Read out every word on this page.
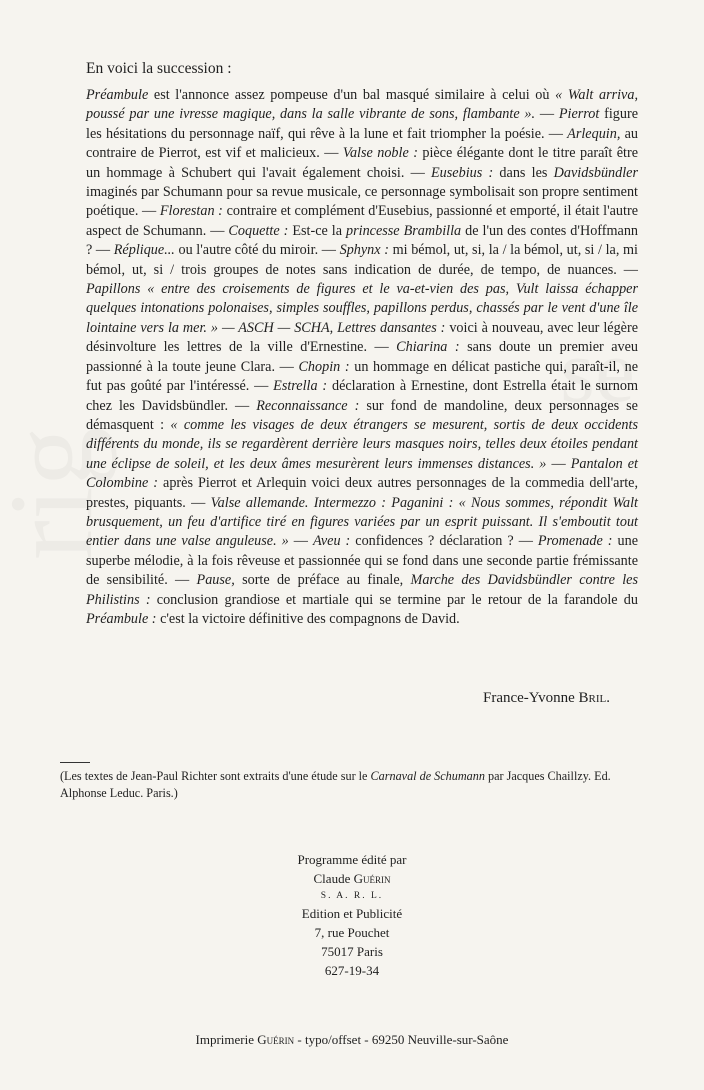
En voici la succession :

Préambule est l'annonce assez pompeuse d'un bal masqué similaire à celui où « Walt arriva, poussé par une ivresse magique, dans la salle vibrante de sons, flambante ». — Pierrot figure les hésitations du personnage naïf, qui rêve à la lune et fait triompher la poésie. — Arlequin, au contraire de Pierrot, est vif et malicieux. — Valse noble : pièce élégante dont le titre paraît être un hommage à Schubert qui l'avait également choisi. — Eusebius : dans les Davidsbündler imaginés par Schumann pour sa revue musicale, ce personnage symbolisait son propre sentiment poétique. — Florestan : contraire et complément d'Eusebius, passionné et emporté, il était l'autre aspect de Schumann. — Coquette : Est-ce la princesse Brambilla de l'un des contes d'Hoffmann ? — Réplique... ou l'autre côté du miroir. — Sphynx : mi bémol, ut, si, la / la bémol, ut, si / la, mi bémol, ut, si / trois groupes de notes sans indication de durée, de tempo, de nuances. — Papillons « entre des croisements de figures et le va-et-vien des pas, Vult laissa échapper quelques intonations polonaises, simples souffles, papillons perdus, chassés par le vent d'une île lointaine vers la mer. » — ASCH — SCHA, Lettres dansantes : voici à nouveau, avec leur légère désinvolture les lettres de la ville d'Ernestine. — Chiarina : sans doute un premier aveu passionné à la toute jeune Clara. — Chopin : un hommage en délicat pastiche qui, paraît-il, ne fut pas goûté par l'intéressé. — Estrella : déclaration à Ernestine, dont Estrella était le surnom chez les Davidsbündler. — Reconnaissance : sur fond de mandoline, deux personnages se démasquent : « comme les visages de deux étrangers se mesurent, sortis de deux occidents différents du monde, ils se regardèrent derrière leurs masques noirs, telles deux étoiles pendant une éclipse de soleil, et les deux âmes mesurèrent leurs immenses distances. » — Pantalon et Colombine : après Pierrot et Arlequin voici deux autres personnages de la commedia dell'arte, prestes, piquants. — Valse allemande. Intermezzo : Paganini : « Nous sommes, répondit Walt brusquement, un feu d'artifice tiré en figures variées par un esprit puissant. Il s'emboutit tout entier dans une valse anguleuse. » — Aveu : confidences ? déclaration ? — Promenade : une superbe mélodie, à la fois rêveuse et passionnée qui se fond dans une seconde partie frémissante de sensibilité. — Pause, sorte de préface au finale, Marche des Davidsbündler contre les Philistins : conclusion grandiose et martiale qui se termine par le retour de la farandole du Préambule : c'est la victoire définitive des compagnons de David.

France-Yvonne Bril.
(Les textes de Jean-Paul Richter sont extraits d'une étude sur le Carnaval de Schumann par Jacques Chaillzy. Ed. Alphonse Leduc. Paris.)
Programme édité par
Claude Guérin
S. A. R. L.
Edition et Publicité
7, rue Pouchet
75017 Paris
627-19-34
Imprimerie Guérin - typo/offset - 69250 Neuville-sur-Saône
